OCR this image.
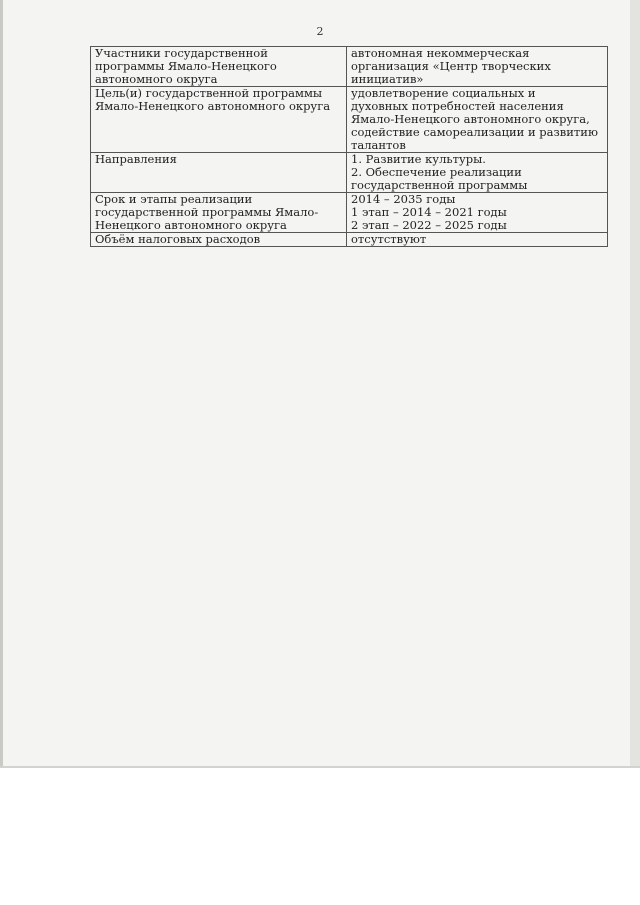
2
Участники государственной
программы Ямало-Ненецкого
автономного округа	автономная некоммерческая
организация «Центр творческих
инициатив»

Цель(и) государственной программы
Ямало-Ненецкого автономного округа	удовлетворение социальных и
духовных потребностей населения
Ямало-Ненецкого автономного округа,
содействие самореализации и развитию
талантов

Направления	1. Развитие культуры.
2. Обеспечение реализации
государственной программы

Срок и этапы реализации
государственной программы Ямало-
Ненецкого автономного округа	2014 – 2035 годы
1 этап – 2014 – 2021 годы
2 этап – 2022 – 2025 годы

Объём налоговых расходов	отсутствуют
